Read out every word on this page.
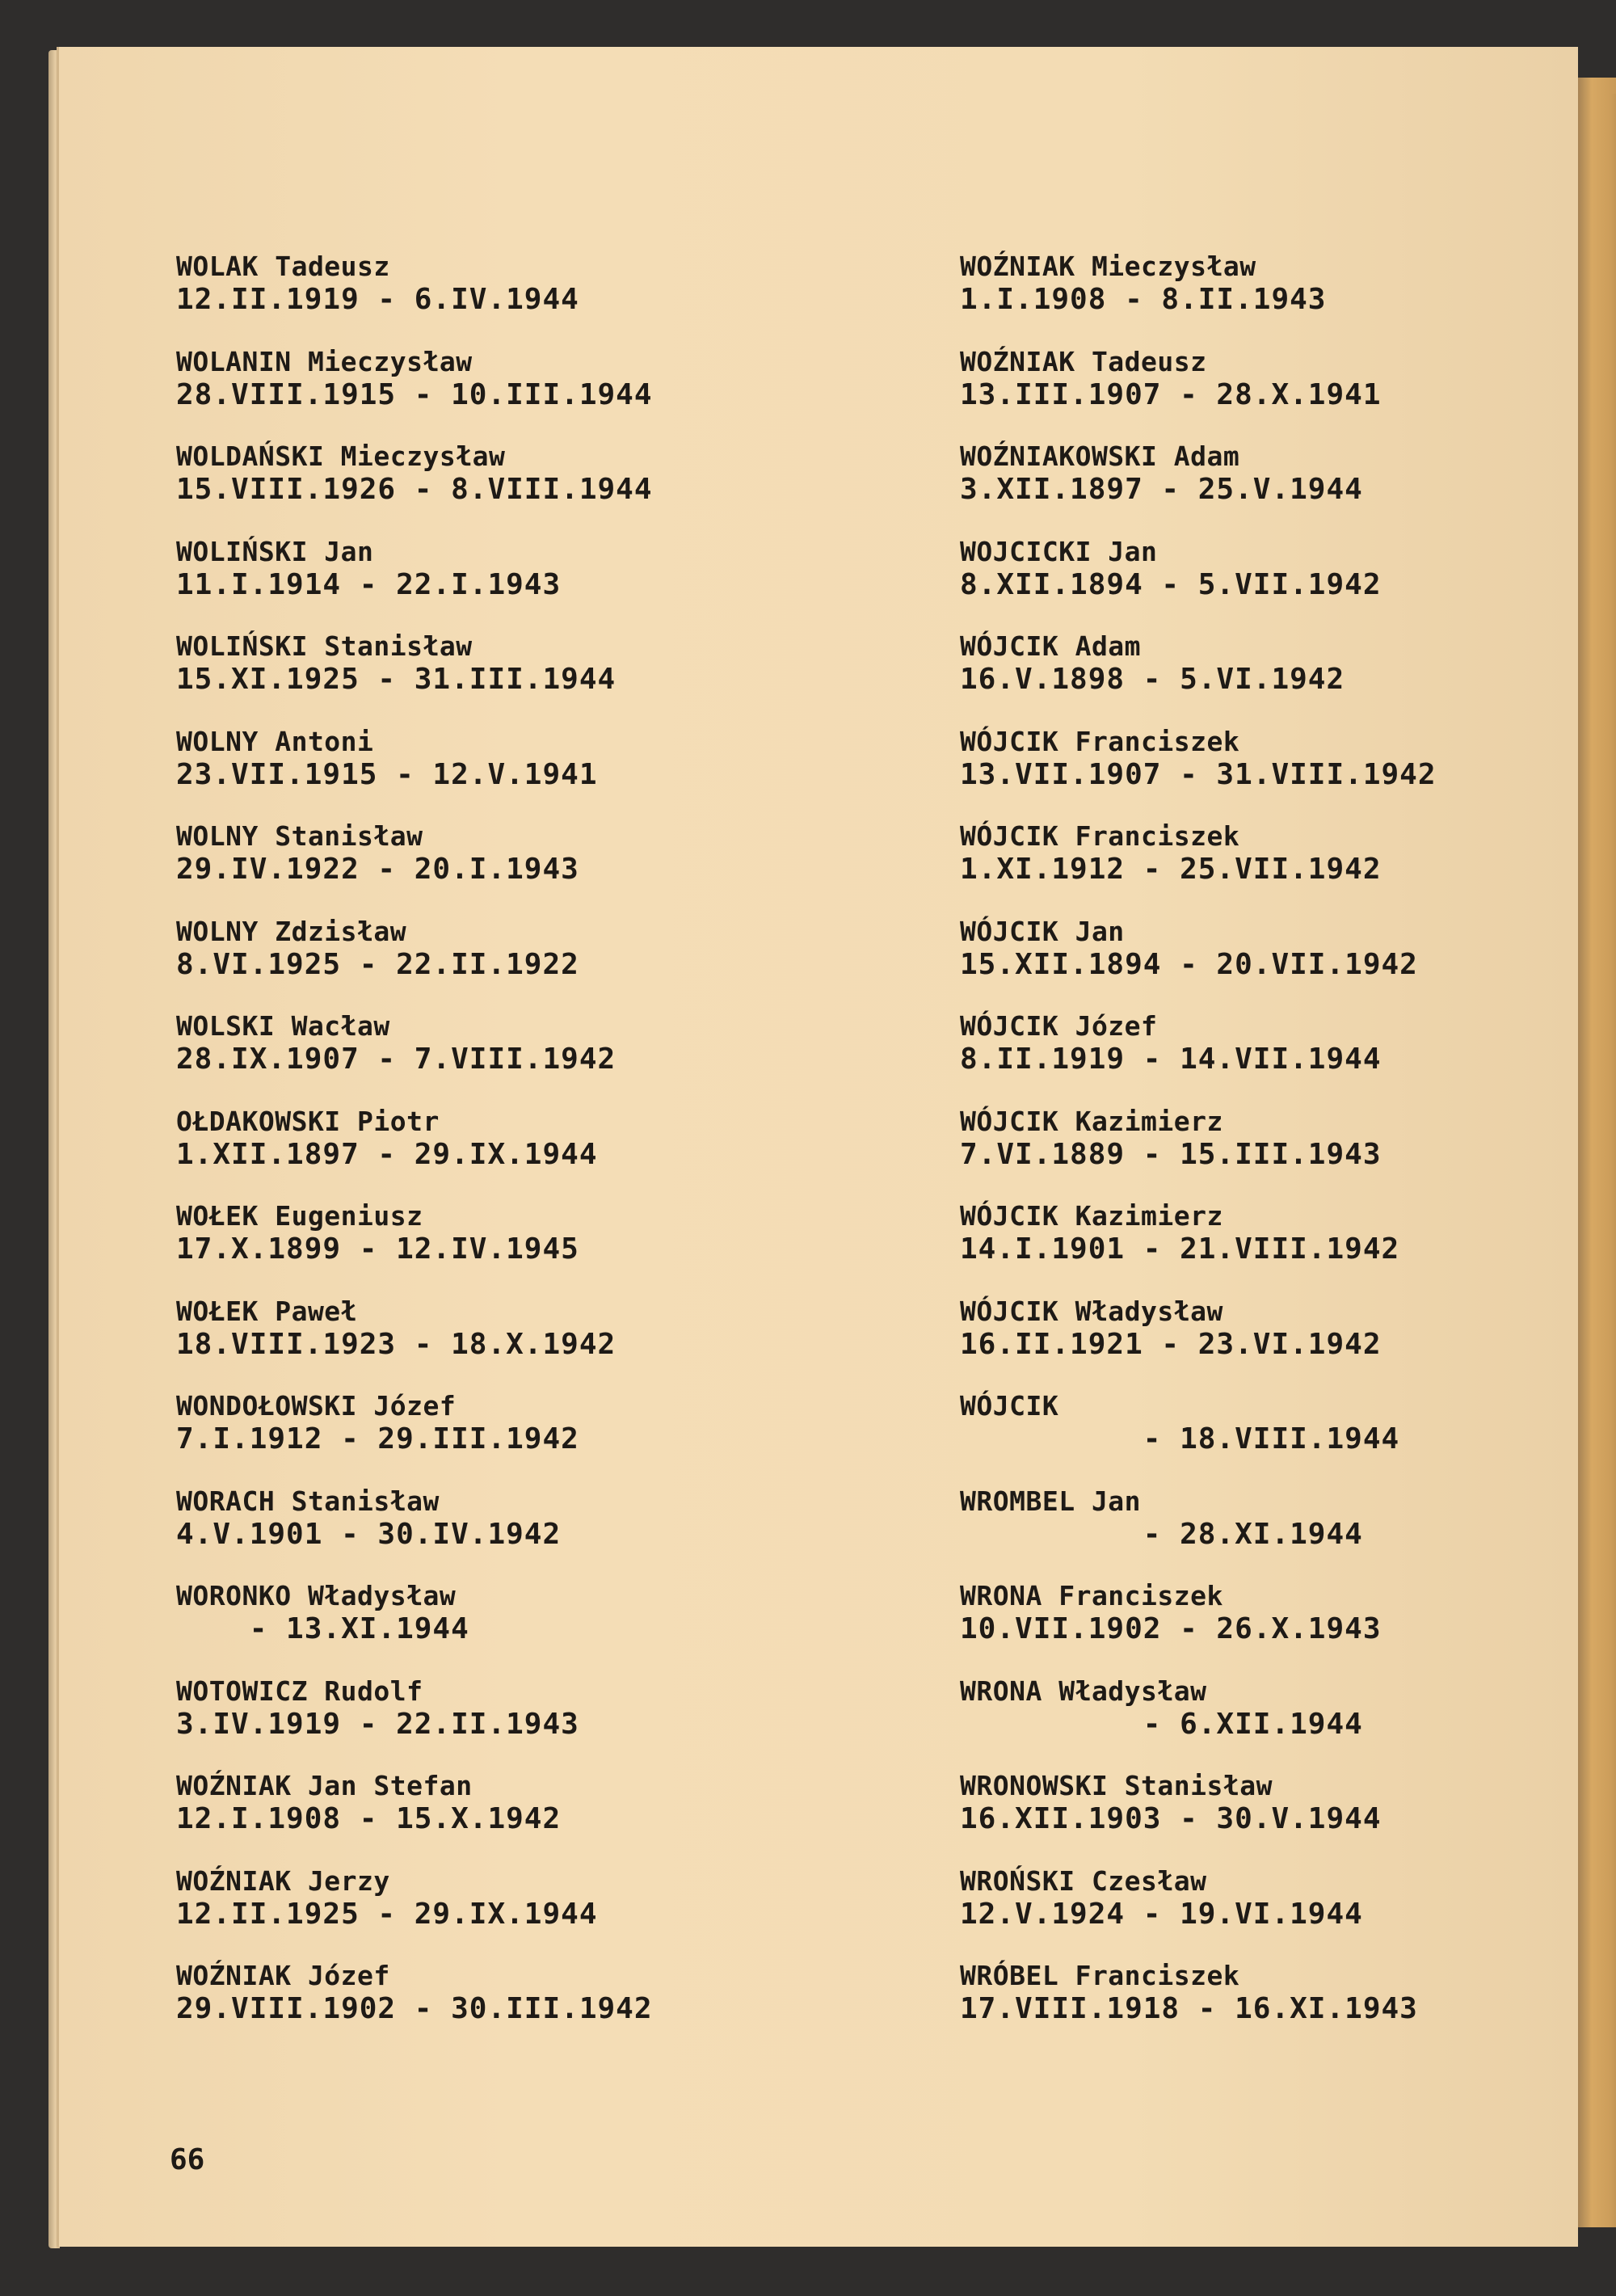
WOLAK Tadeusz
12.II.1919 - 6.IV.1944
WOLANIN Mieczysław
28.VIII.1915 - 10.III.1944
WOLDAŃSKI Mieczysław
15.VIII.1926 - 8.VIII.1944
WOLIŃSKI Jan
11.I.1914 - 22.I.1943
WOLIŃSKI Stanisław
15.XI.1925 - 31.III.1944
WOLNY Antoni
23.VII.1915 - 12.V.1941
WOLNY Stanisław
29.IV.1922 - 20.I.1943
WOLNY Zdzisław
8.VI.1925 - 22.II.1922
WOLSKI Wacław
28.IX.1907 - 7.VIII.1942
OŁDAKOWSKI Piotr
1.XII.1897 - 29.IX.1944
WOŁEK Eugeniusz
17.X.1899 - 12.IV.1945
WOŁEK Paweł
18.VIII.1923 - 18.X.1942
WONDOŁOWSKI Józef
7.I.1912 - 29.III.1942
WORACH Stanisław
4.V.1901 - 30.IV.1942
WORONKO Władysław
- 13.XI.1944
WOTOWICZ Rudolf
3.IV.1919 - 22.II.1943
WOŹNIAK Jan Stefan
12.I.1908 - 15.X.1942
WOŹNIAK Jerzy
12.II.1925 - 29.IX.1944
WOŹNIAK Józef
29.VIII.1902 - 30.III.1942
WOŹNIAK Mieczysław
1.I.1908 - 8.II.1943
WOŹNIAK Tadeusz
13.III.1907 - 28.X.1941
WOŹNIAKOWSKI Adam
3.XII.1897 - 25.V.1944
WOJCICKI Jan
8.XII.1894 - 5.VII.1942
WÓJCIK Adam
16.V.1898 - 5.VI.1942
WÓJCIK Franciszek
13.VII.1907 - 31.VIII.1942
WÓJCIK Franciszek
1.XI.1912 - 25.VII.1942
WÓJCIK Jan
15.XII.1894 - 20.VII.1942
WÓJCIK Józef
8.II.1919 - 14.VII.1944
WÓJCIK Kazimierz
7.VI.1889 - 15.III.1943
WÓJCIK Kazimierz
14.I.1901 - 21.VIII.1942
WÓJCIK Władysław
16.II.1921 - 23.VI.1942
WÓJCIK
- 18.VIII.1944
WROMBEL Jan
- 28.XI.1944
WRONA Franciszek
10.VII.1902 - 26.X.1943
WRONA Władysław
- 6.XII.1944
WRONOWSKI Stanisław
16.XII.1903 - 30.V.1944
WROŃSKI Czesław
12.V.1924 - 19.VI.1944
WRÓBEL Franciszek
17.VIII.1918 - 16.XI.1943
66
